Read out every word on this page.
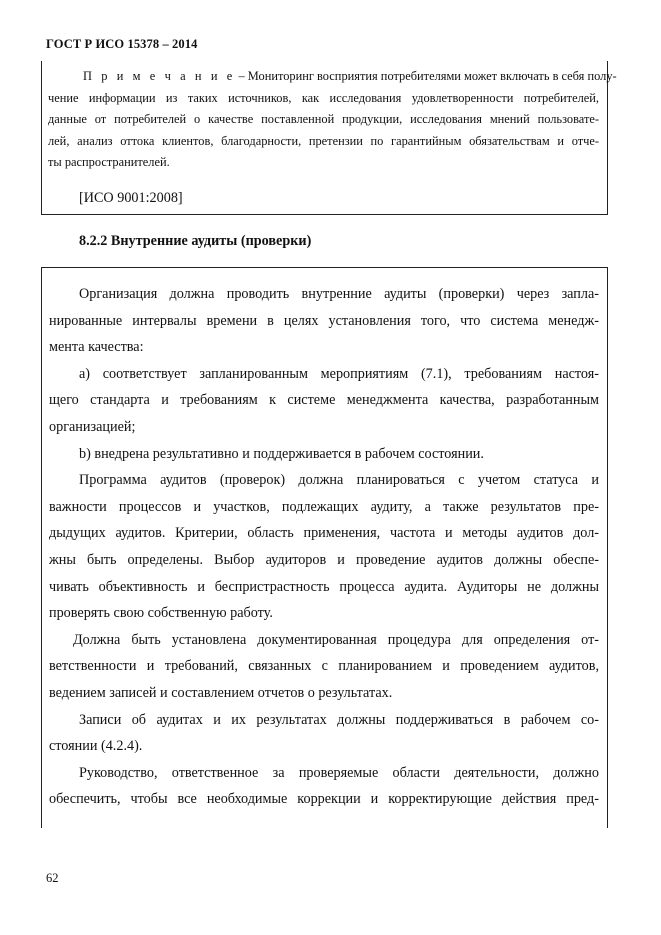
ГОСТ Р ИСО 15378 – 2014
П р и м е ч а н и е – Мониторинг восприятия потребителями может включать в себя полу-
чение информации из таких источников, как исследования удовлетворенности потребителей,
данные от потребителей о качестве поставленной продукции, исследования мнений пользовате-
лей, анализ оттока клиентов, благодарности, претензии по гарантийным обязательствам и отче-
ты распространителей.
[ИСО 9001:2008]
8.2.2 Внутренние аудиты (проверки)
Организация должна проводить внутренние аудиты (проверки) через запла-
нированные интервалы времени в целях установления того, что система менедж-
мента качества:
a) соответствует запланированным мероприятиям (7.1), требованиям настоя-
щего стандарта и требованиям к системе менеджмента качества, разработанным
организацией;
b) внедрена результативно и поддерживается в рабочем состоянии.
Программа аудитов (проверок) должна планироваться с учетом статуса и
важности процессов и участков, подлежащих аудиту, а также результатов пре-
дыдущих аудитов. Критерии, область применения, частота и методы аудитов дол-
жны быть определены. Выбор аудиторов и проведение аудитов должны обеспе-
чивать объективность и беспристрастность процесса аудита. Аудиторы не должны
проверять свою собственную работу.
Должна быть установлена документированная процедура для определения от-
ветственности и требований, связанных с планированием и проведением аудитов,
ведением записей и составлением отчетов о результатах.
Записи об аудитах и их результатах должны поддерживаться в рабочем со-
стоянии (4.2.4).
Руководство, ответственное за проверяемые области деятельности, должно
обеспечить, чтобы все необходимые коррекции и корректирующие действия пред-
62
